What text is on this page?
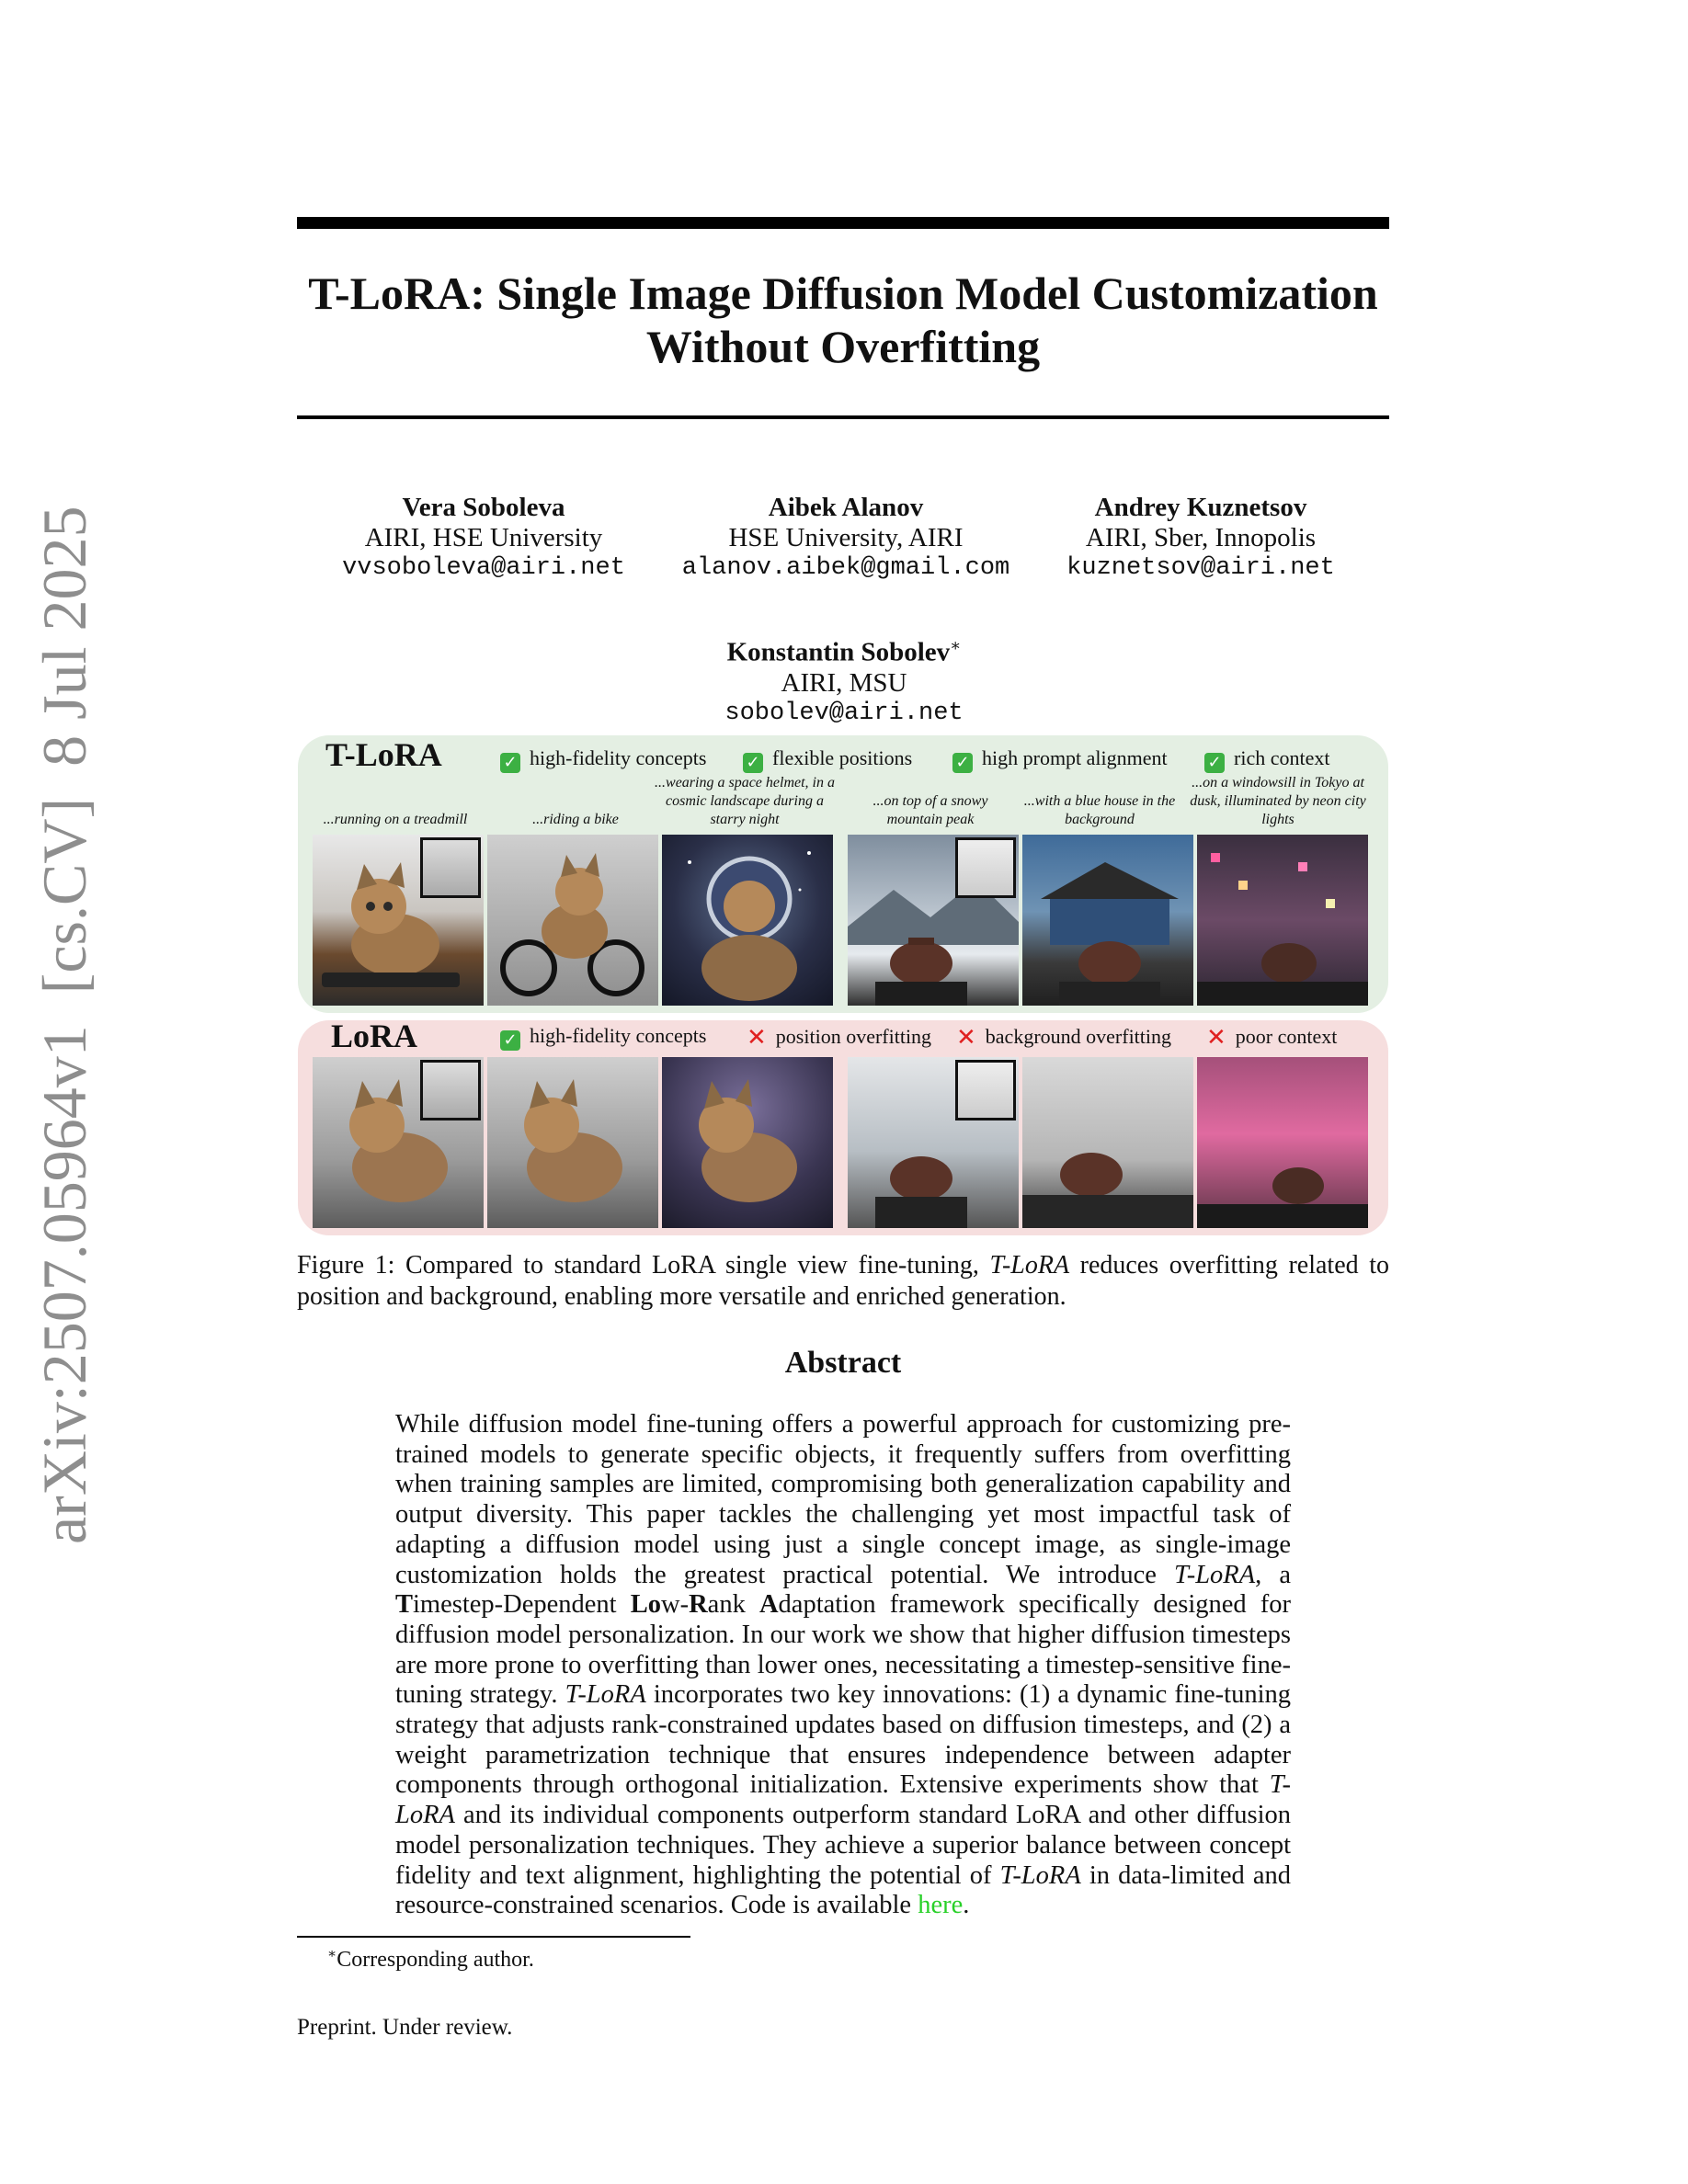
arXiv:2507.05964v1  [cs.CV]  8 Jul 2025
T-LoRA: Single Image Diffusion Model Customization
Without Overfitting
Vera Soboleva
AIRI, HSE University
vvsoboleva@airi.net
Aibek Alanov
HSE University, AIRI
alanov.aibek@gmail.com
Andrey Kuznetsov
AIRI, Sber, Innopolis
kuznetsov@airi.net
Konstantin Sobolev∗
AIRI, MSU
sobolev@airi.net
T-LoRA
LoRA
✓ high-fidelity concepts ✓ flexible positions	✓ high prompt alignment ✓ rich context
✓ high-fidelity concepts ✕ position overfitting ✕ background overfitting ✕ poor context
...running on a treadmill	...riding a bike
...wearing a space helmet, in a cosmic landscape during a starry night
...on top of a snowy mountain peak
...with a blue house in the background
...on a windowsill in Tokyo at dusk, illuminated by neon city lights
Figure 1: Compared to standard LoRA single view fine-tuning, T-LoRA reduces overfitting related to position and background, enabling more versatile and enriched generation.
Abstract
While diffusion model fine-tuning offers a powerful approach for customizing pre-trained models to generate specific objects, it frequently suffers from overfitting when training samples are limited, compromising both generalization capability and output diversity. This paper tackles the challenging yet most impactful task of adapting a diffusion model using just a single concept image, as single-image customization holds the greatest practical potential. We introduce T-LoRA, a Timestep-Dependent Low-Rank Adaptation framework specifically designed for diffusion model personalization. In our work we show that higher diffusion timesteps are more prone to overfitting than lower ones, necessitating a timestep-sensitive fine-tuning strategy. T-LoRA incorporates two key innovations: (1) a dynamic fine-tuning strategy that adjusts rank-constrained updates based on diffusion timesteps, and (2) a weight parametrization technique that ensures independence between adapter components through orthogonal initialization. Extensive experiments show that T-LoRA and its individual components outperform standard LoRA and other diffusion model personalization techniques. They achieve a superior balance between concept fidelity and text alignment, highlighting the potential of T-LoRA in data-limited and resource-constrained scenarios. Code is available here.
∗Corresponding author.
Preprint. Under review.
